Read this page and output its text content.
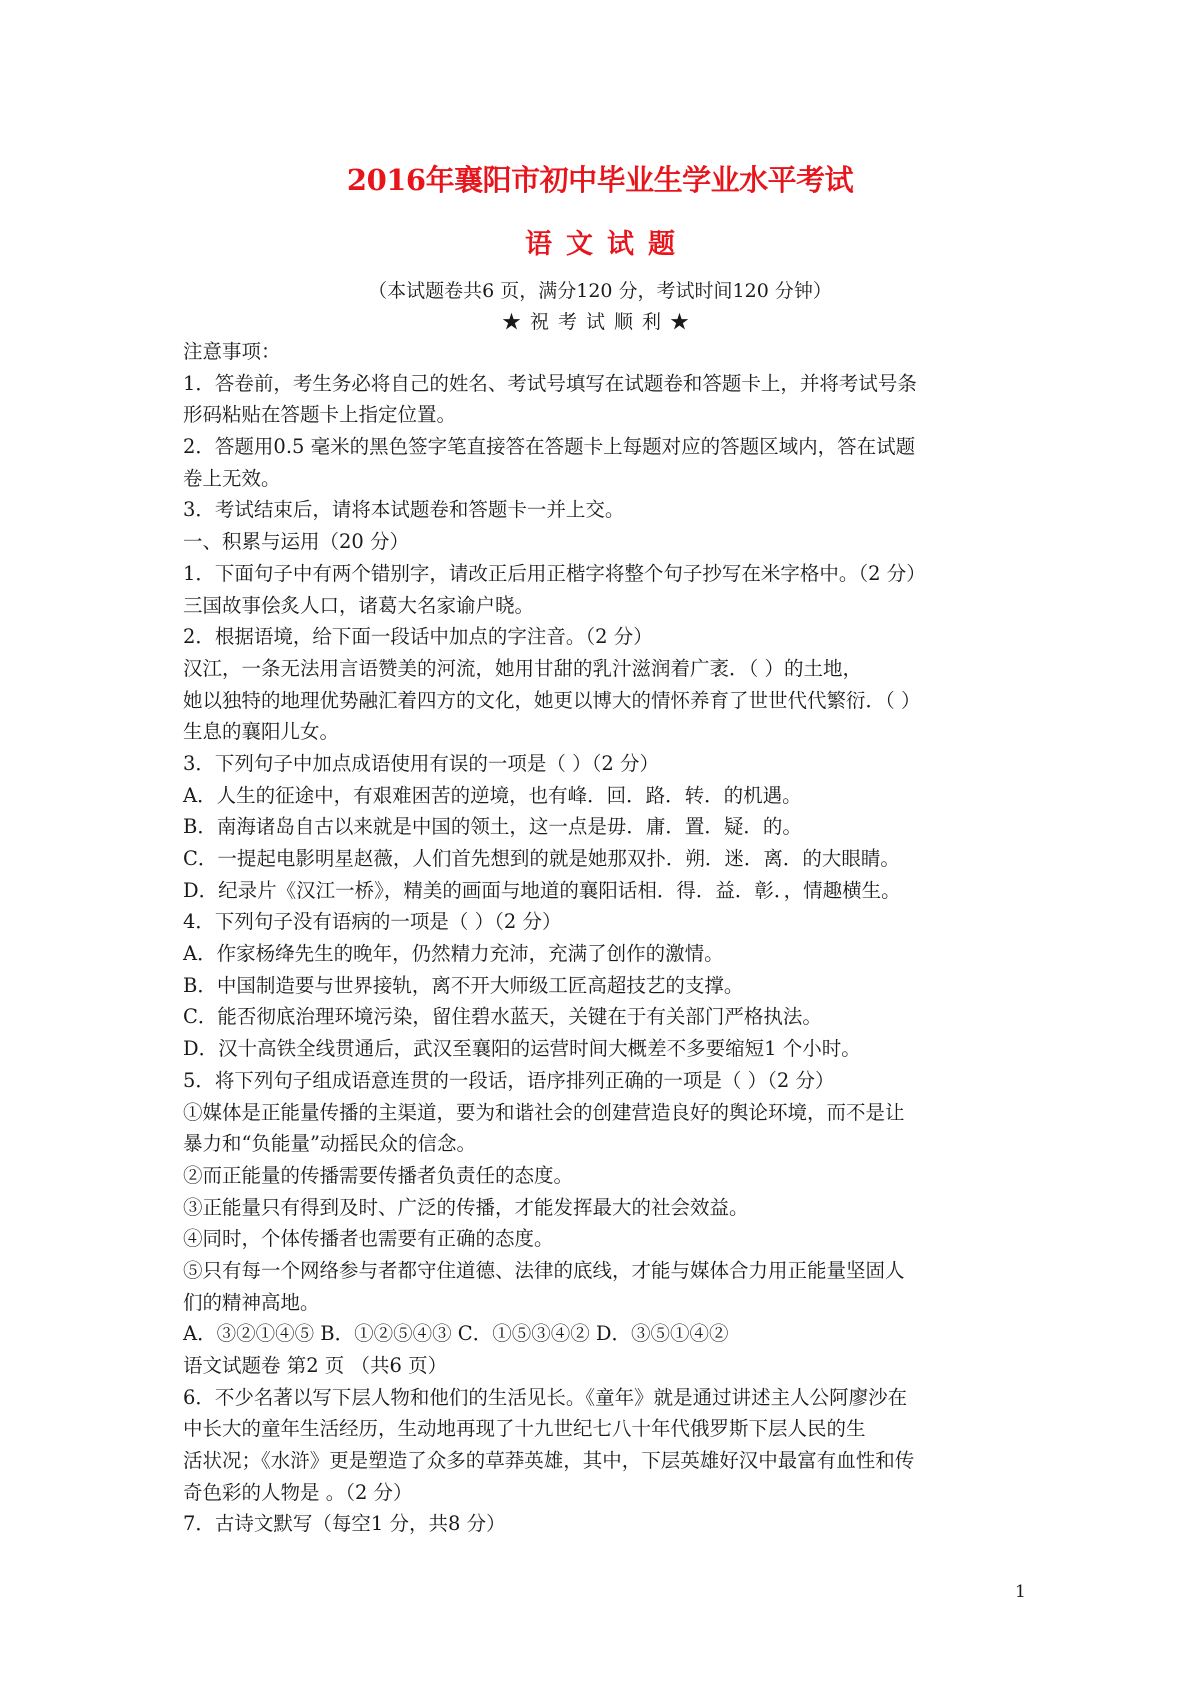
2016年襄阳市初中毕业生学业水平考试
语文试题
（本试题卷共6 页，满分120 分，考试时间120 分钟）
★祝考试顺利★
注意事项：
1．答卷前，考生务必将自己的姓名、考试号填写在试题卷和答题卡上，并将考试号条
形码粘贴在答题卡上指定位置。
2．答题用0.5 毫米的黑色签字笔直接答在答题卡上每题对应的答题区域内，答在试题
卷上无效。
3．考试结束后，请将本试题卷和答题卡一并上交。
一、积累与运用（20 分）
1．下面句子中有两个错别字，请改正后用正楷字将整个句子抄写在米字格中。（2 分）
三国故事侩炙人口，诸葛大名家谕户晓。
2．根据语境，给下面一段话中加点的字注音。（2 分）
汉江，一条无法用言语赞美的河流，她用甘甜的乳汁滋润着广袤．（ ）的土地，
她以独特的地理优势融汇着四方的文化，她更以博大的情怀养育了世世代代繁衍．（ ）
生息的襄阳儿女。
3．下列句子中加点成语使用有误的一项是（ ）（2 分）
A．人生的征途中，有艰难困苦的逆境，也有峰．回．路．转．的机遇。
B．南海诸岛自古以来就是中国的领土，这一点是毋．庸．置．疑．的。
C．一提起电影明星赵薇，人们首先想到的就是她那双扑．朔．迷．离．的大眼睛。
D．纪录片《汉江一桥》，精美的画面与地道的襄阳话相．得．益．彰．，情趣横生。
4．下列句子没有语病的一项是（ ）（2 分）
A．作家杨绛先生的晚年，仍然精力充沛，充满了创作的激情。
B．中国制造要与世界接轨，离不开大师级工匠高超技艺的支撑。
C．能否彻底治理环境污染，留住碧水蓝天，关键在于有关部门严格执法。
D．汉十高铁全线贯通后，武汉至襄阳的运营时间大概差不多要缩短1 个小时。
5．将下列句子组成语意连贯的一段话，语序排列正确的一项是（ ）（2 分）
①媒体是正能量传播的主渠道，要为和谐社会的创建营造良好的舆论环境，而不是让
暴力和“负能量”动摇民众的信念。
②而正能量的传播需要传播者负责任的态度。
③正能量只有得到及时、广泛的传播，才能发挥最大的社会效益。
④同时，个体传播者也需要有正确的态度。
⑤只有每一个网络参与者都守住道德、法律的底线，才能与媒体合力用正能量坚固人
们的精神高地。
A．③②①④⑤ B．①②⑤④③ C．①⑤③④② D．③⑤①④②
语文试题卷 第2 页 （共6 页）
6．不少名著以写下层人物和他们的生活见长。《童年》就是通过讲述主人公阿廖沙在
中长大的童年生活经历，生动地再现了十九世纪七八十年代俄罗斯下层人民的生
活状况；《水浒》更是塑造了众多的草莽英雄，其中，下层英雄好汉中最富有血性和传
奇色彩的人物是 。（2 分）
7．古诗文默写（每空1 分，共8 分）
1
